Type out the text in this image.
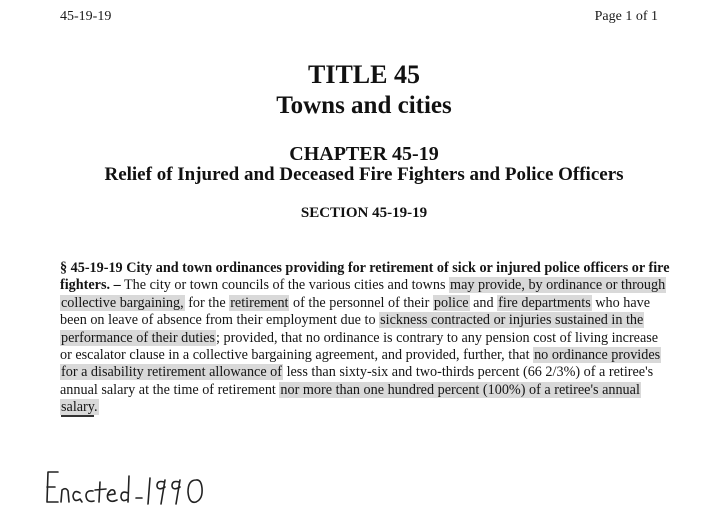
45-19-19	Page 1 of 1
TITLE 45
Towns and cities
CHAPTER 45-19
Relief of Injured and Deceased Fire Fighters and Police Officers
SECTION 45-19-19
§ 45-19-19 City and town ordinances providing for retirement of sick or injured police officers or fire fighters. – The city or town councils of the various cities and towns may provide, by ordinance or through collective bargaining, for the retirement of the personnel of their police and fire departments who have been on leave of absence from their employment due to sickness contracted or injuries sustained in the performance of their duties; provided, that no ordinance is contrary to any pension cost of living increase or escalator clause in a collective bargaining agreement, and provided, further, that no ordinance provides for a disability retirement allowance of less than sixty-six and two-thirds percent (66 2/3%) of a retiree's annual salary at the time of retirement nor more than one hundred percent (100%) of a retiree's annual salary.
